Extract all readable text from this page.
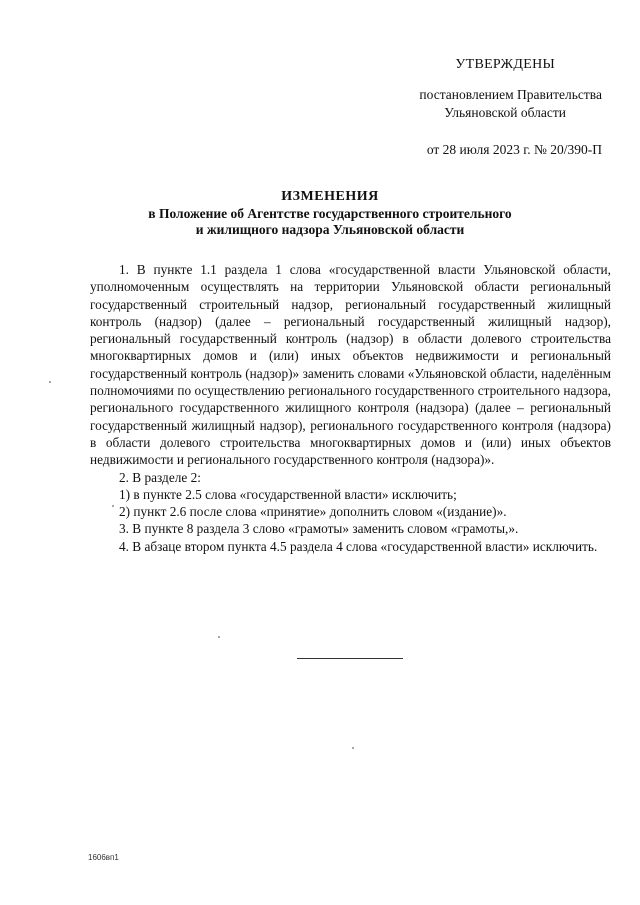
УТВЕРЖДЕНЫ
постановлением Правительства
Ульяновской области
от 28 июля 2023 г. № 20/390-П
ИЗМЕНЕНИЯ
в Положение об Агентстве государственного строительного
и жилищного надзора Ульяновской области

1. В пункте 1.1 раздела 1 слова «государственной власти Ульяновской области, уполномоченным осуществлять на территории Ульяновской области региональный государственный строительный надзор, региональный государственный жилищный контроль (надзор) (далее – региональный государственный жилищный надзор), региональный государственный контроль (надзор) в области долевого строительства многоквартирных домов и (или) иных объектов недвижимости и региональный государственный контроль (надзор)» заменить словами «Ульяновской области, наделённым полномочиями по осуществлению регионального государственного строительного надзора, регионального государственного жилищного контроля (надзора) (далее – региональный государственный жилищный надзор), регионального государственного контроля (надзора) в области долевого строительства многоквартирных домов и (или) иных объектов недвижимости и регионального государственного контроля (надзора)».

2. В разделе 2:

1) в пункте 2.5 слова «государственной власти» исключить;

2) пункт 2.6 после слова «принятие» дополнить словом «(издание)».

3. В пункте 8 раздела 3 слово «грамоты» заменить словом «грамоты,».

4. В абзаце втором пункта 4.5 раздела 4 слова «государственной власти» исключить.

1606вп1
